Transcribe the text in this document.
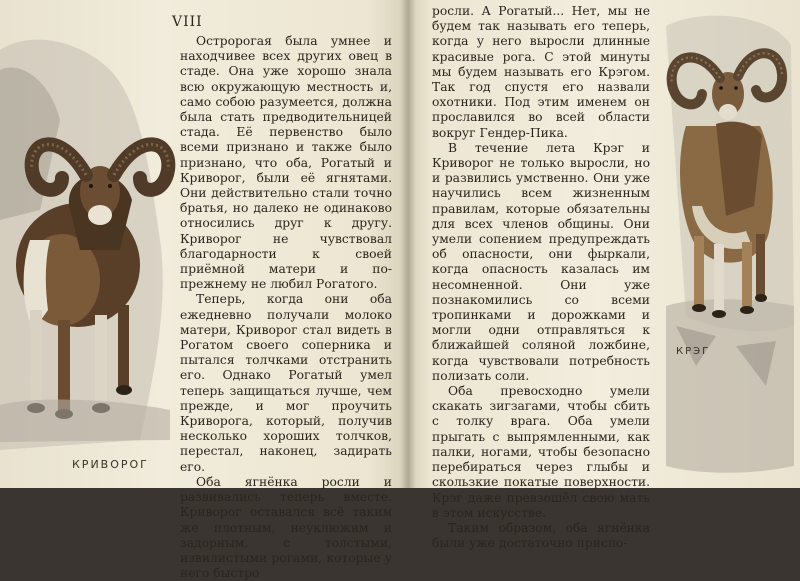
КРИВОРОГ
VIII

Остророгая была умнее и находчивее всех других овец в стаде. Она уже хорошо знала всю окружающую местность и, само собою разумеется, должна была стать предводительницей стада. Её первенство было всеми признано и также было признано, что оба, Рогатый и Криворог, были её ягнятами. Они действительно стали точно братья, но далеко не одинаково относились друг к другу. Криворог не чувствовал благодарности к своей приёмной матери и по-прежнему не любил Рогатого.

Теперь, когда они оба ежедневно получали молоко матери, Криворог стал видеть в Рогатом своего соперника и пытался толчками отстранить его. Однако Рогатый умел теперь защищаться лучше, чем прежде, и мог проучить Криворога, который, получив несколько хороших толчков, перестал, наконец, задирать его.

Оба ягнёнка росли и развивались теперь вместе. Криворог оставался всё таким же плотным, неуклюжим и задорным, с толстыми, извилистыми рогами, которые у него быстро

росли. А Рогатый... Нет, мы не будем так называть его теперь, когда у него выросли длинные красивые рога. С этой минуты мы будем называть его Крэгом. Так год спустя его назвали охотники. Под этим именем он прославился во всей области вокруг Гендер-Пика.

В течение лета Крэг и Криворог не только выросли, но и развились умственно. Они уже научились всем жизненным правилам, которые обязательны для всех членов общины. Они умели сопением предупреждать об опасности, они фыркали, когда опасность казалась им несомненной. Они уже познакомились со всеми тропинками и дорожками и могли одни отправляться к ближайшей соляной ложбине, когда чувствовали потребность полизать соли.

Оба превосходно умели скакать зигзагами, чтобы сбить с толку врага. Оба умели прыгать с выпрямленными, как палки, ногами, чтобы безопасно перебираться через глыбы и скользкие покатые поверхности. Крэг даже превзошёл свою мать в этом искусстве.

Таким образом, оба ягнёнка были уже достаточно приспо-

КРЭГ
